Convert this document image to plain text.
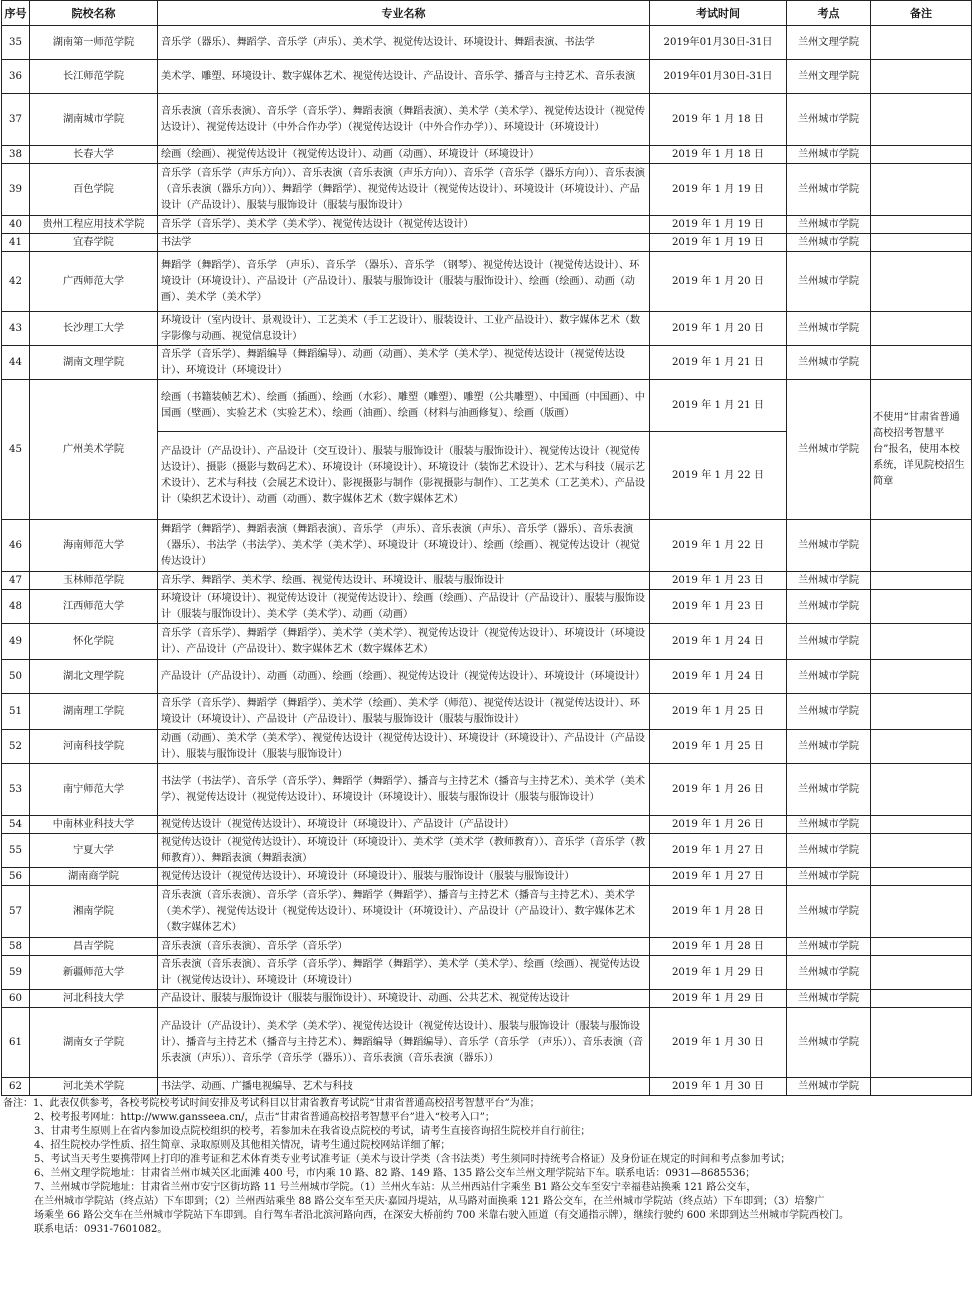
序号	院校名称	专业名称	考试时间	考点	备注
35	湖南第一师范学院	音乐学（器乐）、舞蹈学、音乐学（声乐）、美术学、视觉传达设计、环境设计、舞蹈表演、书法学	2019年01月30日-31日	兰州文理学院	
36	长江师范学院	美术学、雕塑、环境设计、数字媒体艺术、视觉传达设计、产品设计、音乐学、播音与主持艺术、音乐表演	2019年01月30日-31日	兰州文理学院	
37	湖南城市学院	音乐表演（音乐表演）、音乐学（音乐学）、舞蹈表演（舞蹈表演）、美术学（美术学）、视觉传达设计（视觉传达设计）、视觉传达设计（中外合作办学）（视觉传达设计（中外合作办学））、环境设计（环境设计）	2019 年 1 月 18 日	兰州城市学院	
38	长春大学	绘画（绘画）、视觉传达设计（视觉传达设计）、动画（动画）、环境设计（环境设计）	2019 年 1 月 18 日	兰州城市学院	
39	百色学院	音乐学（音乐学（声乐方向））、音乐表演（音乐表演（声乐方向））、音乐学（音乐学（器乐方向））、音乐表演（音乐表演（器乐方向））、舞蹈学（舞蹈学）、视觉传达设计（视觉传达设计）、环境设计（环境设计）、产品设计（产品设计）、服装与服饰设计（服装与服饰设计）	2019 年 1 月 19 日	兰州城市学院	
40	贵州工程应用技术学院	音乐学（音乐学）、美术学（美术学）、视觉传达设计（视觉传达设计）	2019 年 1 月 19 日	兰州城市学院	
41	宜春学院	书法学	2019 年 1 月 19 日	兰州城市学院	
42	广西师范大学	舞蹈学（舞蹈学）、音乐学 （声乐）、音乐学 （器乐）、音乐学 （钢琴）、视觉传达设计（视觉传达设计）、环境设计（环境设计）、产品设计（产品设计）、服装与服饰设计（服装与服饰设计）、绘画（绘画）、动画（动画）、美术学（美术学）	2019 年 1 月 20 日	兰州城市学院	
43	长沙理工大学	环境设计（室内设计、景观设计）、工艺美术（手工艺设计）、服装设计、工业产品设计）、数字媒体艺术（数字影像与动画、视觉信息设计）	2019 年 1 月 20 日	兰州城市学院	
44	湖南文理学院	音乐学（音乐学）、舞蹈编导（舞蹈编导）、动画（动画）、美术学（美术学）、视觉传达设计（视觉传达设计）、环境设计（环境设计）	2019 年 1 月 21 日	兰州城市学院	
45	广州美术学院	绘画（书籍装帧艺术）、绘画（插画）、绘画（水彩）、雕塑（雕塑）、雕塑（公共雕塑）、中国画（中国画）、中国画（壁画）、实验艺术（实验艺术）、绘画（油画）、绘画（材料与油画修复）、绘画（版画）	2019 年 1 月 21 日	兰州城市学院	不使用“甘肃省普通高校招考智慧平台”报名，使用本校系统，详见院校招生简章
		产品设计（产品设计）、产品设计（交互设计）、服装与服饰设计（服装与服饰设计）、视觉传达设计（视觉传达设计）、摄影（摄影与数码艺术）、环境设计（环境设计）、环境设计（装饰艺术设计）、艺术与科技（展示艺术设计）、艺术与科技（会展艺术设计）、影视摄影与制作（影视摄影与制作）、工艺美术（工艺美术）、产品设计（染织艺术设计）、动画（动画）、数字媒体艺术（数字媒体艺术）	2019 年 1 月 22 日		
46	海南师范大学	舞蹈学（舞蹈学）、舞蹈表演（舞蹈表演）、音乐学 （声乐）、音乐表演（声乐）、音乐学（器乐）、音乐表演（器乐）、书法学（书法学）、美术学（美术学）、环境设计（环境设计）、绘画（绘画）、视觉传达设计（视觉传达设计）	2019 年 1 月 22 日	兰州城市学院	
47	玉林师范学院	音乐学、舞蹈学、美术学、绘画、视觉传达设计、环境设计、服装与服饰设计	2019 年 1 月 23 日	兰州城市学院	
48	江西师范大学	环境设计（环境设计）、视觉传达设计（视觉传达设计）、绘画（绘画）、产品设计（产品设计）、服装与服饰设计（服装与服饰设计）、美术学（美术学）、动画（动画）	2019 年 1 月 23 日	兰州城市学院	
49	怀化学院	音乐学（音乐学）、舞蹈学（舞蹈学）、美术学（美术学）、视觉传达设计（视觉传达设计）、环境设计（环境设计）、产品设计（产品设计）、数字媒体艺术（数字媒体艺术）	2019 年 1 月 24 日	兰州城市学院	
50	湖北文理学院	产品设计（产品设计）、动画（动画）、绘画（绘画）、视觉传达设计（视觉传达设计）、环境设计（环境设计）	2019 年 1 月 24 日	兰州城市学院	
51	湖南理工学院	音乐学（音乐学）、舞蹈学（舞蹈学）、美术学（绘画）、美术学（师范）、视觉传达设计（视觉传达设计）、环境设计（环境设计）、产品设计（产品设计）、服装与服饰设计（服装与服饰设计）	2019 年 1 月 25 日	兰州城市学院	
52	河南科技学院	动画（动画）、美术学（美术学）、视觉传达设计（视觉传达设计）、环境设计（环境设计）、产品设计（产品设计）、服装与服饰设计（服装与服饰设计）	2019 年 1 月 25 日	兰州城市学院	
53	南宁师范大学	书法学（书法学）、音乐学（音乐学）、舞蹈学（舞蹈学）、播音与主持艺术（播音与主持艺术）、美术学（美术学）、视觉传达设计（视觉传达设计）、环境设计（环境设计）、服装与服饰设计（服装与服饰设计）	2019 年 1 月 26 日	兰州城市学院	
54	中南林业科技大学	视觉传达设计（视觉传达设计）、环境设计（环境设计）、产品设计（产品设计）	2019 年 1 月 26 日	兰州城市学院	
55	宁夏大学	视觉传达设计（视觉传达设计）、环境设计（环境设计）、美术学（美术学（教师教育））、音乐学（音乐学（教师教育））、舞蹈表演（舞蹈表演）	2019 年 1 月 27 日	兰州城市学院	
56	湖南商学院	视觉传达设计（视觉传达设计）、环境设计（环境设计）、服装与服饰设计（服装与服饰设计）	2019 年 1 月 27 日	兰州城市学院	
57	湘南学院	音乐表演（音乐表演）、音乐学（音乐学）、舞蹈学（舞蹈学）、播音与主持艺术（播音与主持艺术）、美术学（美术学）、视觉传达设计（视觉传达设计）、环境设计（环境设计）、产品设计（产品设计）、数字媒体艺术（数字媒体艺术）	2019 年 1 月 28 日	兰州城市学院	
58	昌吉学院	音乐表演（音乐表演）、音乐学（音乐学）	2019 年 1 月 28 日	兰州城市学院	
59	新疆师范大学	音乐表演（音乐表演）、音乐学（音乐学）、舞蹈学（舞蹈学）、美术学（美术学）、绘画（绘画）、视觉传达设计（视觉传达设计）、环境设计（环境设计）	2019 年 1 月 29 日	兰州城市学院	
60	河北科技大学	产品设计、服装与服饰设计（服装与服饰设计）、环境设计、动画、公共艺术、视觉传达设计	2019 年 1 月 29 日	兰州城市学院	
61	湖南女子学院	产品设计（产品设计）、美术学（美术学）、视觉传达设计（视觉传达设计）、服装与服饰设计（服装与服饰设计）、播音与主持艺术（播音与主持艺术）、舞蹈编导（舞蹈编导）、音乐学（音乐学 （声乐））、音乐表演（音乐表演（声乐））、音乐学（音乐学（器乐））、音乐表演（音乐表演（器乐））	2019 年 1 月 30 日	兰州城市学院	
62	河北美术学院	书法学、动画、广播电视编导、艺术与科技	2019 年 1 月 30 日	兰州城市学院	
备注：1、此表仅供参考，各校考院校考试时间安排及考试科目以甘肃省教育考试院“甘肃省普通高校招考智慧平台”为准；
2、校考报考网址：http://www.gansseea.cn/，点击“甘肃省普通高校招考智慧平台”进入“校考入口”；
3、甘肃考生原则上在省内参加设点院校组织的校考，若参加未在我省设点院校的考试，请考生直接咨询招生院校并自行前往；
4、招生院校办学性质、招生简章、录取原则及其他相关情况，请考生通过院校网站详细了解；
5、考试当天考生要携带网上打印的准考证和艺术体育类专业考试准考证（美术与设计学类（含书法类）考生须同时持统考合格证）及身份证在规定的时间和考点参加考试；
6、兰州文理学院地址：甘肃省兰州市城关区北面滩 400 号，市内乘 10 路、82 路、149 路、135 路公交车兰州文理学院站下车。联系电话：0931—8685536；
7、兰州城市学院地址：甘肃省兰州市安宁区街坊路 11 号兰州城市学院。（1）兰州火车站：从兰州西站什字乘坐 B1 路公交车至安宁幸福巷站换乘 121 路公交车，
在兰州城市学院站（终点站）下车即到；（2）兰州西站乘坐 88 路公交车至天庆·嘉园丹堤站，从马路对面换乘 121 路公交车，在兰州城市学院站（终点站）下车即到；（3）培黎广
场乘坐 66 路公交车在兰州城市学院站下车即到。自行驾车者沿北滨河路向西，在深安大桥前约 700 米靠右驶入匝道（有交通指示牌），继续行驶约 600 米即到达兰州城市学院西校门。
联系电话：0931-7601082。
